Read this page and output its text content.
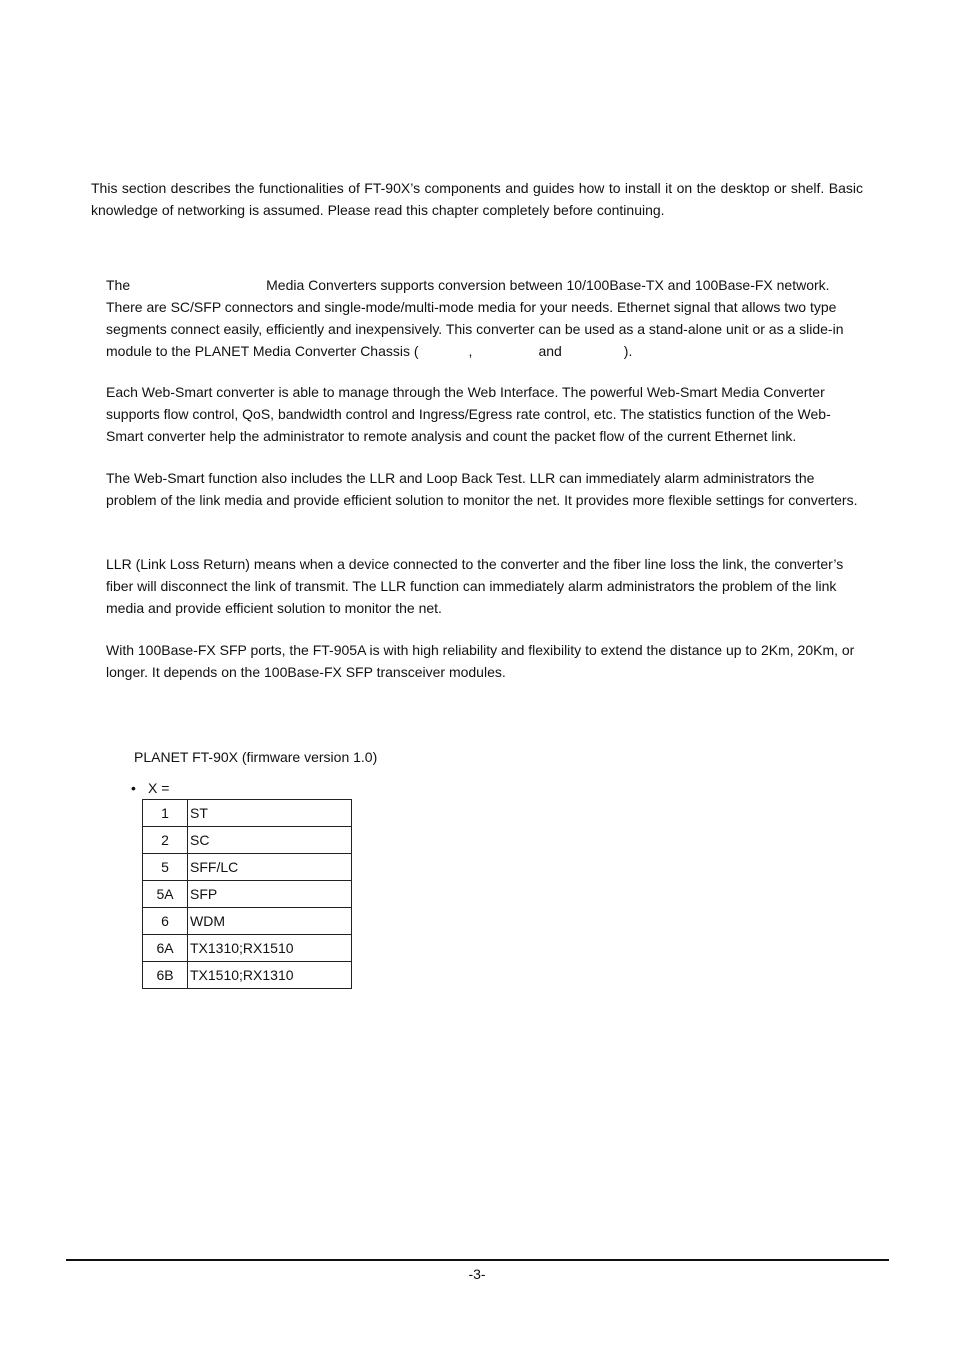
This section describes the functionalities of FT-90X’s components and guides how to install it on the desktop or shelf. Basic knowledge of networking is assumed. Please read this chapter completely before continuing.

The	Media Converters supports conversion between 10/100Base-TX and 100Base-FX network. There are SC/SFP connectors and single-mode/multi-mode media for your needs. Ethernet signal that allows two type segments connect easily, efficiently and inexpensively. This converter can be used as a stand-alone unit or as a slide-in module to the PLANET Media Converter Chassis (	,	and	).

Each Web-Smart converter is able to manage through the Web Interface. The powerful Web-Smart Media Converter supports flow control, QoS, bandwidth control and Ingress/Egress rate control, etc. The statistics function of the Web-Smart converter help the administrator to remote analysis and count the packet flow of the current Ethernet link.

The Web-Smart function also includes the LLR and Loop Back Test. LLR can immediately alarm administrators the problem of the link media and provide efficient solution to monitor the net. It provides more flexible settings for converters.

LLR (Link Loss Return) means when a device connected to the converter and the fiber line loss the link, the converter’s fiber will disconnect the link of transmit. The LLR function can immediately alarm administrators the problem of the link media and provide efficient solution to monitor the net.

With 100Base-FX SFP ports, the FT-905A is with high reliability and flexibility to extend the distance up to 2Km, 20Km, or longer. It depends on the 100Base-FX SFP transceiver modules.

PLANET FT-90X (firmware version 1.0)

• X =

1	ST
2	SC
5	SFF/LC
5A	SFP
6	WDM
6A	TX1310;RX1510
6B	TX1510;RX1310
-3-
